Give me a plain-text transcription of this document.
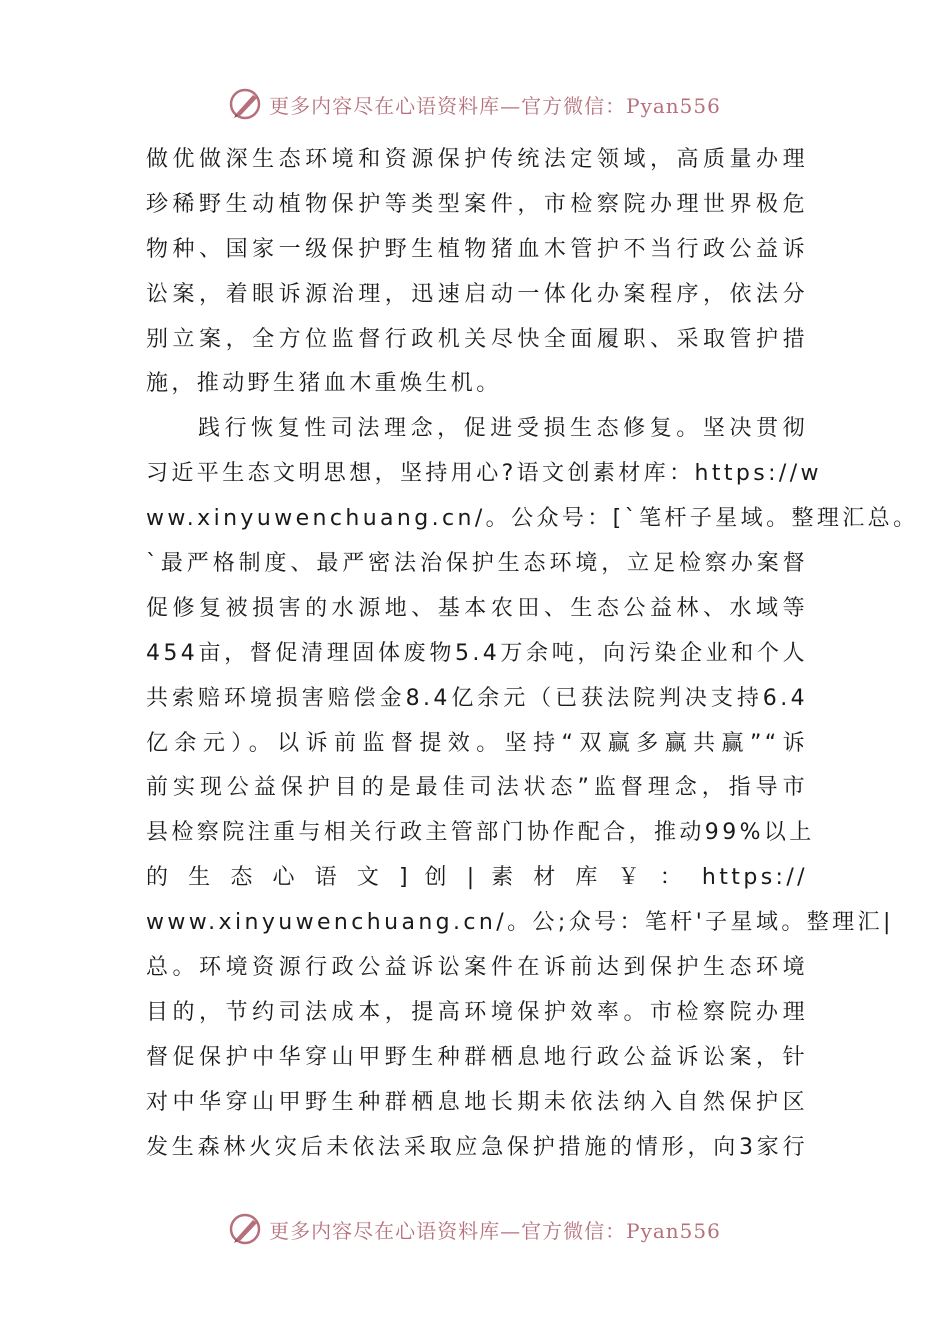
更多内容尽在心语资料库—官方微信：Pyan556
做优做深生态环境和资源保护传统法定领域，高质量办理
珍稀野生动植物保护等类型案件，市检察院办理世界极危
物种、国家一级保护野生植物猪血木管护不当行政公益诉
讼案，着眼诉源治理，迅速启动一体化办案程序，依法分
别立案，全方位监督行政机关尽快全面履职、采取管护措
施，推动野生猪血木重焕生机。
践行恢复性司法理念，促进受损生态修复。坚决贯彻
习近平生态文明思想，坚持用心?语文创素材库：https://w
ww.xinyuwenchuang.cn/。公众号：[`笔杆子星域。整理汇总。
`最严格制度、最严密法治保护生态环境，立足检察办案督
促修复被损害的水源地、基本农田、生态公益林、水域等
454亩，督促清理固体废物5.4万余吨，向污染企业和个人
共索赔环境损害赔偿金8.4亿余元（已获法院判决支持6.4
亿余元）。以诉前监督提效。坚持“双赢多赢共赢”“诉
前实现公益保护目的是最佳司法状态”监督理念，指导市
县检察院注重与相关行政主管部门协作配合，推动99%以上
的 生 态 心 语 文 ] 创 | 素 材 库 ￥ ： https://
www.xinyuwenchuang.cn/。公;众号：笔杆'子星域。整理汇|
总。环境资源行政公益诉讼案件在诉前达到保护生态环境
目的，节约司法成本，提高环境保护效率。市检察院办理
督促保护中华穿山甲野生种群栖息地行政公益诉讼案，针
对中华穿山甲野生种群栖息地长期未依法纳入自然保护区
发生森林火灾后未依法采取应急保护措施的情形，向3家行
更多内容尽在心语资料库—官方微信：Pyan556
